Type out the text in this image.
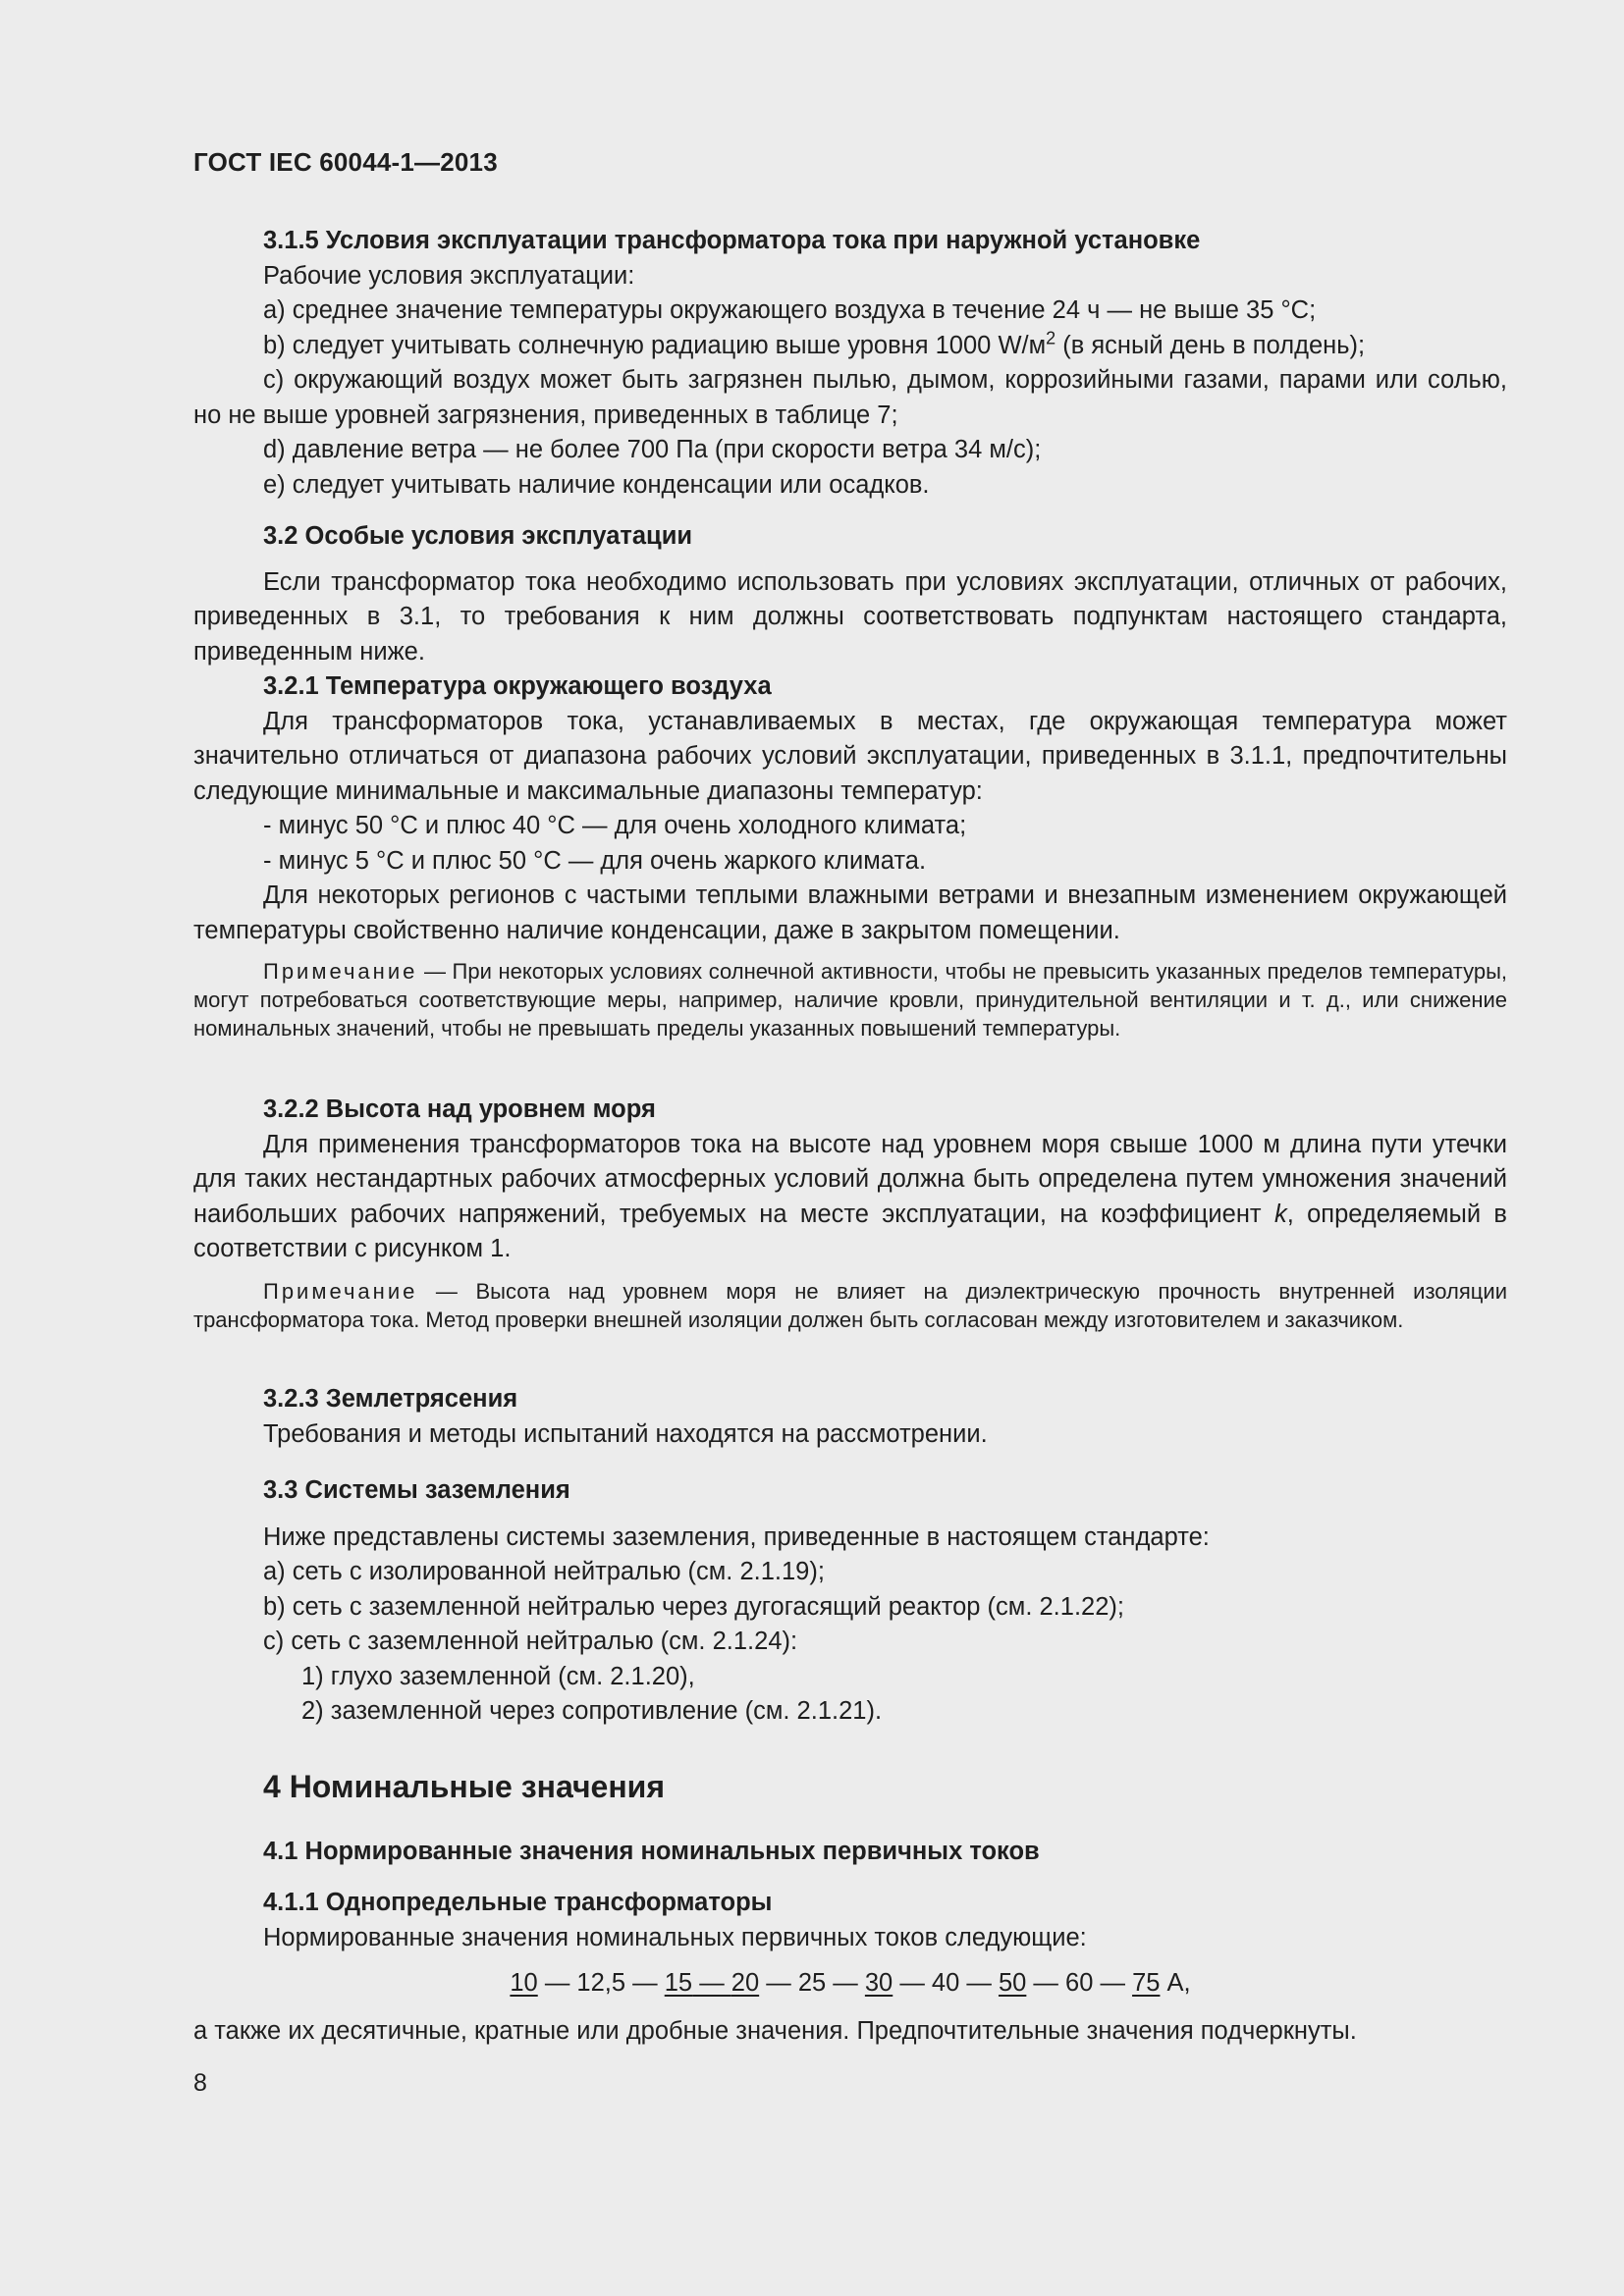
ГОСТ IEC 60044-1—2013

3.1.5 Условия эксплуатации трансформатора тока при наружной установке

Рабочие условия эксплуатации:

a) среднее значение температуры окружающего воздуха в течение 24 ч — не выше 35 °С;

b) следует учитывать солнечную радиацию выше уровня 1000 $W/м^2$ (в ясный день в полдень);

c) окружающий воздух может быть загрязнен пылью, дымом, коррозийными газами, парами или солью, но не выше уровней загрязнения, приведенных в таблице 7;

d) давление ветра — не более 700 Па (при скорости ветра 34 м/с);

e) следует учитывать наличие конденсации или осадков.

3.2 Особые условия эксплуатации

Если трансформатор тока необходимо использовать при условиях эксплуатации, отличных от рабочих, приведенных в 3.1, то требования к ним должны соответствовать подпунктам настоящего стандарта, приведенным ниже.

3.2.1 Температура окружающего воздуха

Для трансформаторов тока, устанавливаемых в местах, где окружающая температура может значительно отличаться от диапазона рабочих условий эксплуатации, приведенных в 3.1.1, предпочтительны следующие минимальные и максимальные диапазоны температур:

- минус 50 °С и плюс 40 °С — для очень холодного климата;

- минус 5 °С и плюс 50 °С — для очень жаркого климата.

Для некоторых регионов с частыми теплыми влажными ветрами и внезапным изменением окружающей температуры свойственно наличие конденсации, даже в закрытом помещении.

Примечание — При некоторых условиях солнечной активности, чтобы не превысить указанных пределов температуры, могут потребоваться соответствующие меры, например, наличие кровли, принудительной вентиляции и т. д., или снижение номинальных значений, чтобы не превышать пределы указанных повышений температуры.

3.2.2 Высота над уровнем моря

Для применения трансформаторов тока на высоте над уровнем моря свыше 1000 м длина пути утечки для таких нестандартных рабочих атмосферных условий должна быть определена путем умножения значений наибольших рабочих напряжений, требуемых на месте эксплуатации, на коэффициент k, определяемый в соответствии с рисунком 1.

Примечание — Высота над уровнем моря не влияет на диэлектрическую прочность внутренней изоляции трансформатора тока. Метод проверки внешней изоляции должен быть согласован между изготовителем и заказчиком.

3.2.3 Землетрясения

Требования и методы испытаний находятся на рассмотрении.

3.3 Системы заземления

Ниже представлены системы заземления, приведенные в настоящем стандарте:

a) сеть с изолированной нейтралью (см. 2.1.19);

b) сеть с заземленной нейтралью через дугогасящий реактор (см. 2.1.22);

c) сеть с заземленной нейтралью (см. 2.1.24):

1) глухо заземленной (см. 2.1.20),

2) заземленной через сопротивление (см. 2.1.21).

4 Номинальные значения

4.1 Нормированные значения номинальных первичных токов

4.1.1 Однопредельные трансформаторы

Нормированные значения номинальных первичных токов следующие:

10 — 12,5 — 15 — 20 — 25 — 30 — 40 — 50 — 60 — 75 А,

а также их десятичные, кратные или дробные значения. Предпочтительные значения подчеркнуты.

8
